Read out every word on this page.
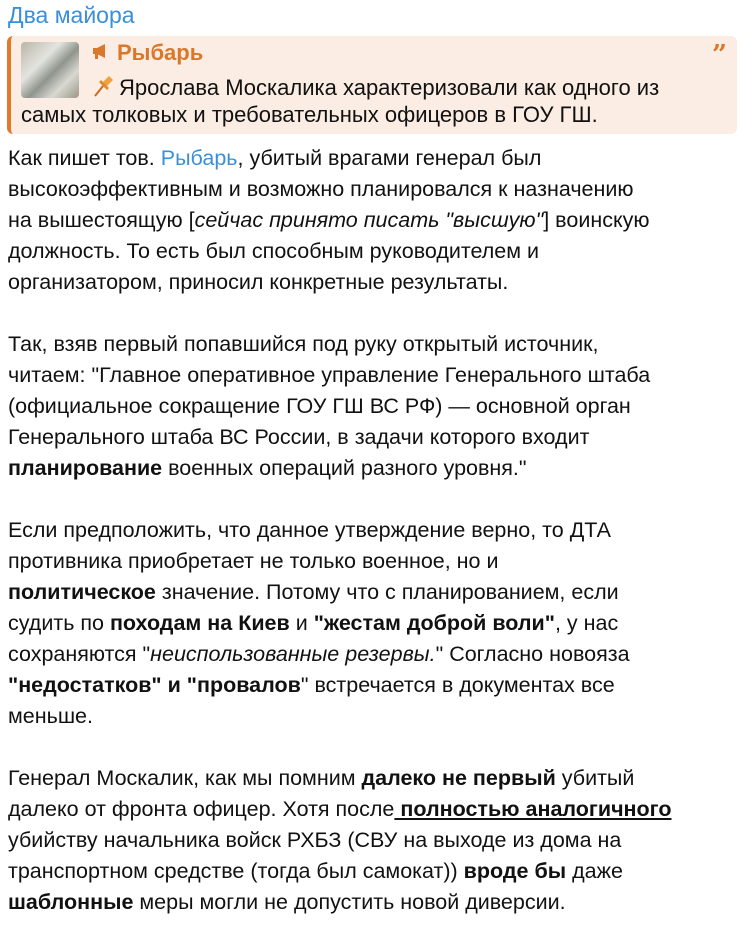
Два майора
Рыбарь	”
Ярослава Москалика характеризовали как одного из
самых толковых и требовательных офицеров в ГОУ ГШ.
Как пишет тов. Рыбарь, убитый врагами генерал был
высокоэффективным и возможно планировался к назначению
на вышестоящую [сейчас принято писать "высшую"] воинскую
должность. То есть был способным руководителем и
организатором, приносил конкретные результаты.
Так, взяв первый попавшийся под руку открытый источник,
читаем: "Главное оперативное управление Генерального штаба
(официальное сокращение ГОУ ГШ ВС РФ) — основной орган
Генерального штаба ВС России, в задачи которого входит
планирование военных операций разного уровня."
Если предположить, что данное утверждение верно, то ДТА
противника приобретает не только военное, но и
политическое значение. Потому что с планированием, если
судить по походам на Киев и "жестам доброй воли", у нас
сохраняются "неиспользованные резервы." Согласно новояза
"недостатков" и "провалов" встречается в документах все
меньше.
Генерал Москалик, как мы помним далеко не первый убитый
далеко от фронта офицер. Хотя после полностью аналогичного
убийству начальника войск РХБЗ (СВУ на выходе из дома на
транспортном средстве (тогда был самокат)) вроде бы даже
шаблонные меры могли не допустить новой диверсии.
